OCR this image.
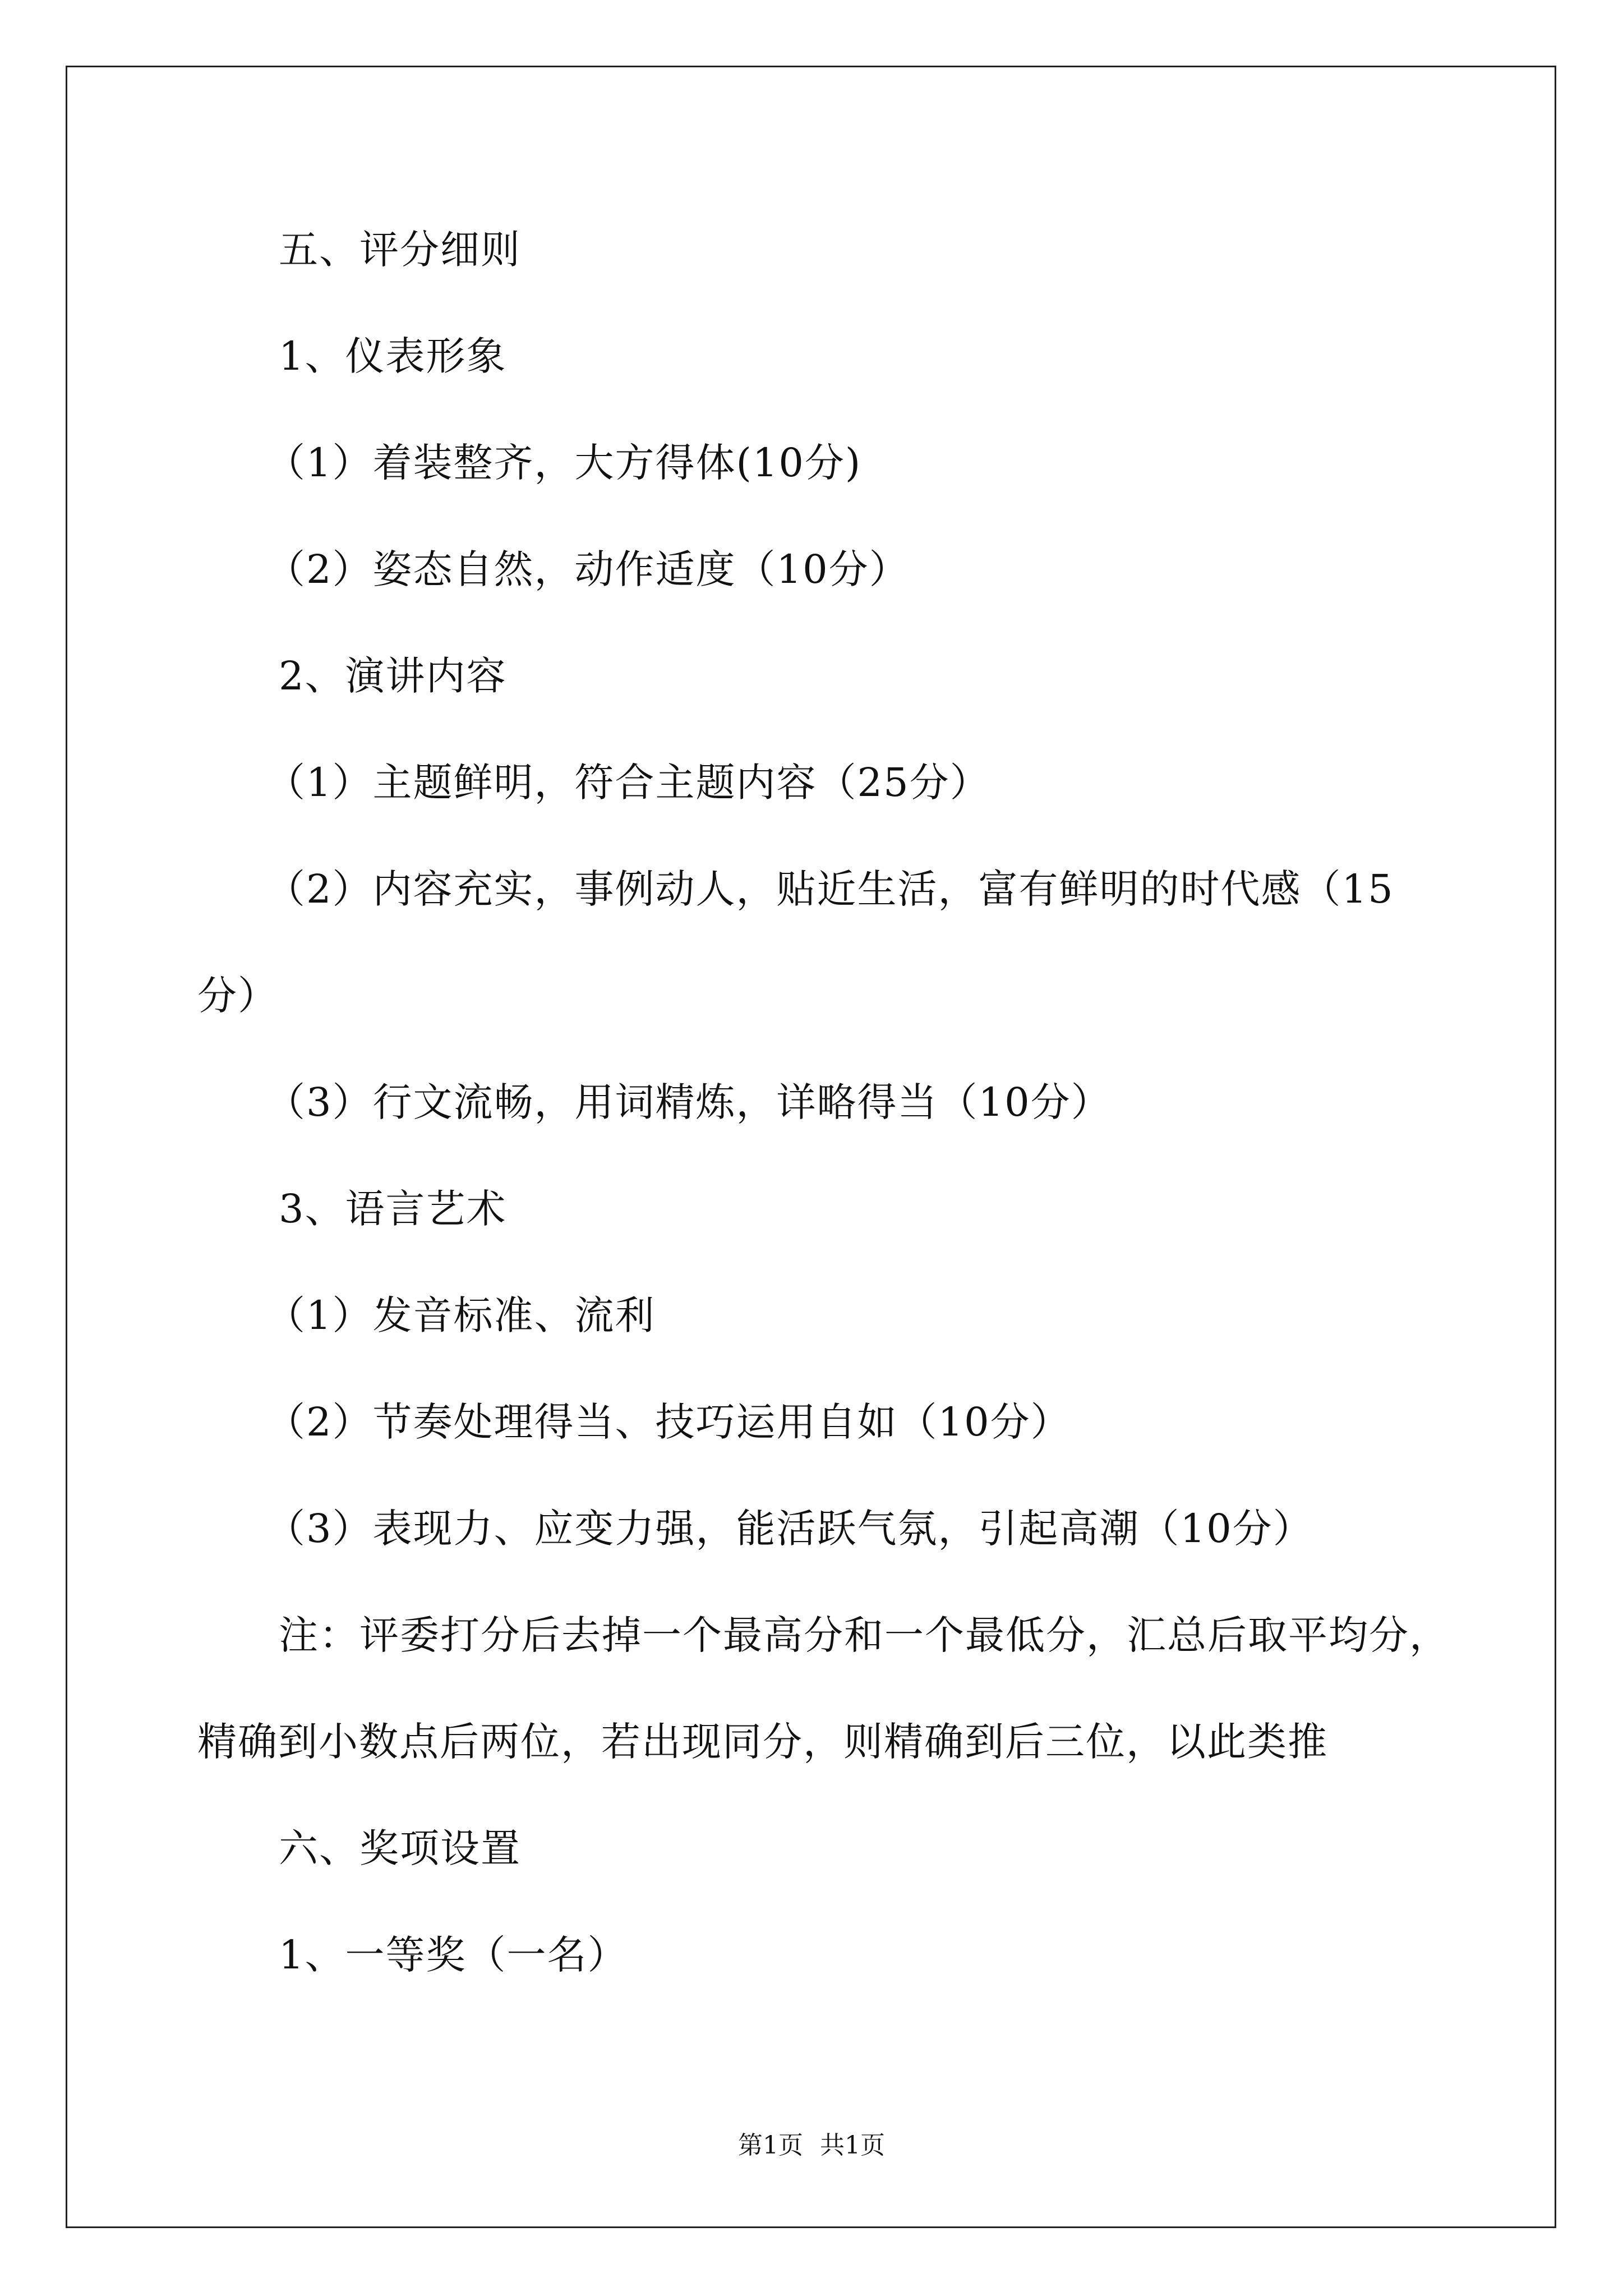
五、评分细则
1、仪表形象
（1）着装整齐，大方得体(10分)
（2）姿态自然，动作适度（10分）
2、演讲内容
（1）主题鲜明，符合主题内容（25分）
（2）内容充实，事例动人，贴近生活，富有鲜明的时代感（15
分）
（3）行文流畅，用词精炼，详略得当（10分）
3、语言艺术
（1）发音标准、流利
（2）节奏处理得当、技巧运用自如（10分）
（3）表现力、应变力强，能活跃气氛，引起高潮（10分）
注：评委打分后去掉一个最高分和一个最低分，汇总后取平均分，
精确到小数点后两位，若出现同分，则精确到后三位，以此类推
六、奖项设置
1、一等奖（一名）
第1页 共1页
